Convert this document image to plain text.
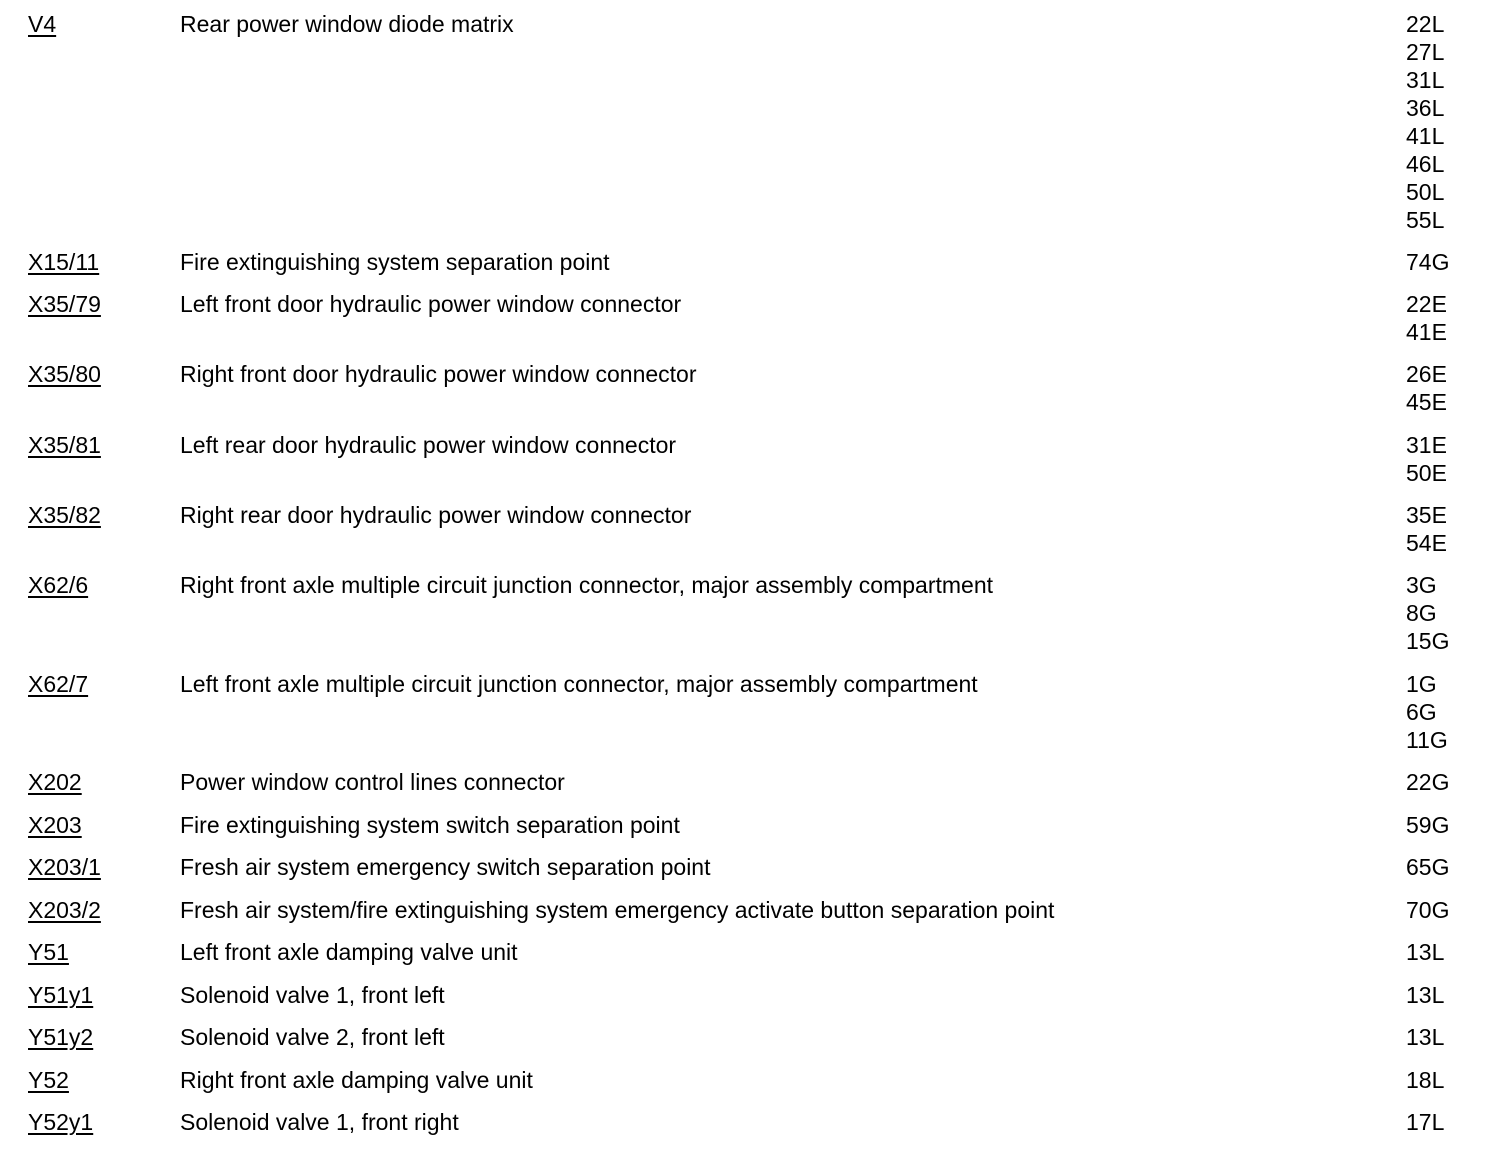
V4	Rear power window diode matrix	22L
27L
31L
36L
41L
46L
50L
55L
X15/11	Fire extinguishing system separation point	74G
X35/79	Left front door hydraulic power window connector	22E
41E
X35/80	Right front door hydraulic power window connector	26E
45E
X35/81	Left rear door hydraulic power window connector	31E
50E
X35/82	Right rear door hydraulic power window connector	35E
54E
X62/6	Right front axle multiple circuit junction connector, major assembly compartment	3G
8G
15G
X62/7	Left front axle multiple circuit junction connector, major assembly compartment	1G
6G
11G
X202	Power window control lines connector	22G
X203	Fire extinguishing system switch separation point	59G
X203/1	Fresh air system emergency switch separation point	65G
X203/2	Fresh air system/fire extinguishing system emergency activate button separation point	70G
Y51	Left front axle damping valve unit	13L
Y51y1	Solenoid valve 1, front left	13L
Y51y2	Solenoid valve 2, front left	13L
Y52	Right front axle damping valve unit	18L
Y52y1	Solenoid valve 1, front right	17L
